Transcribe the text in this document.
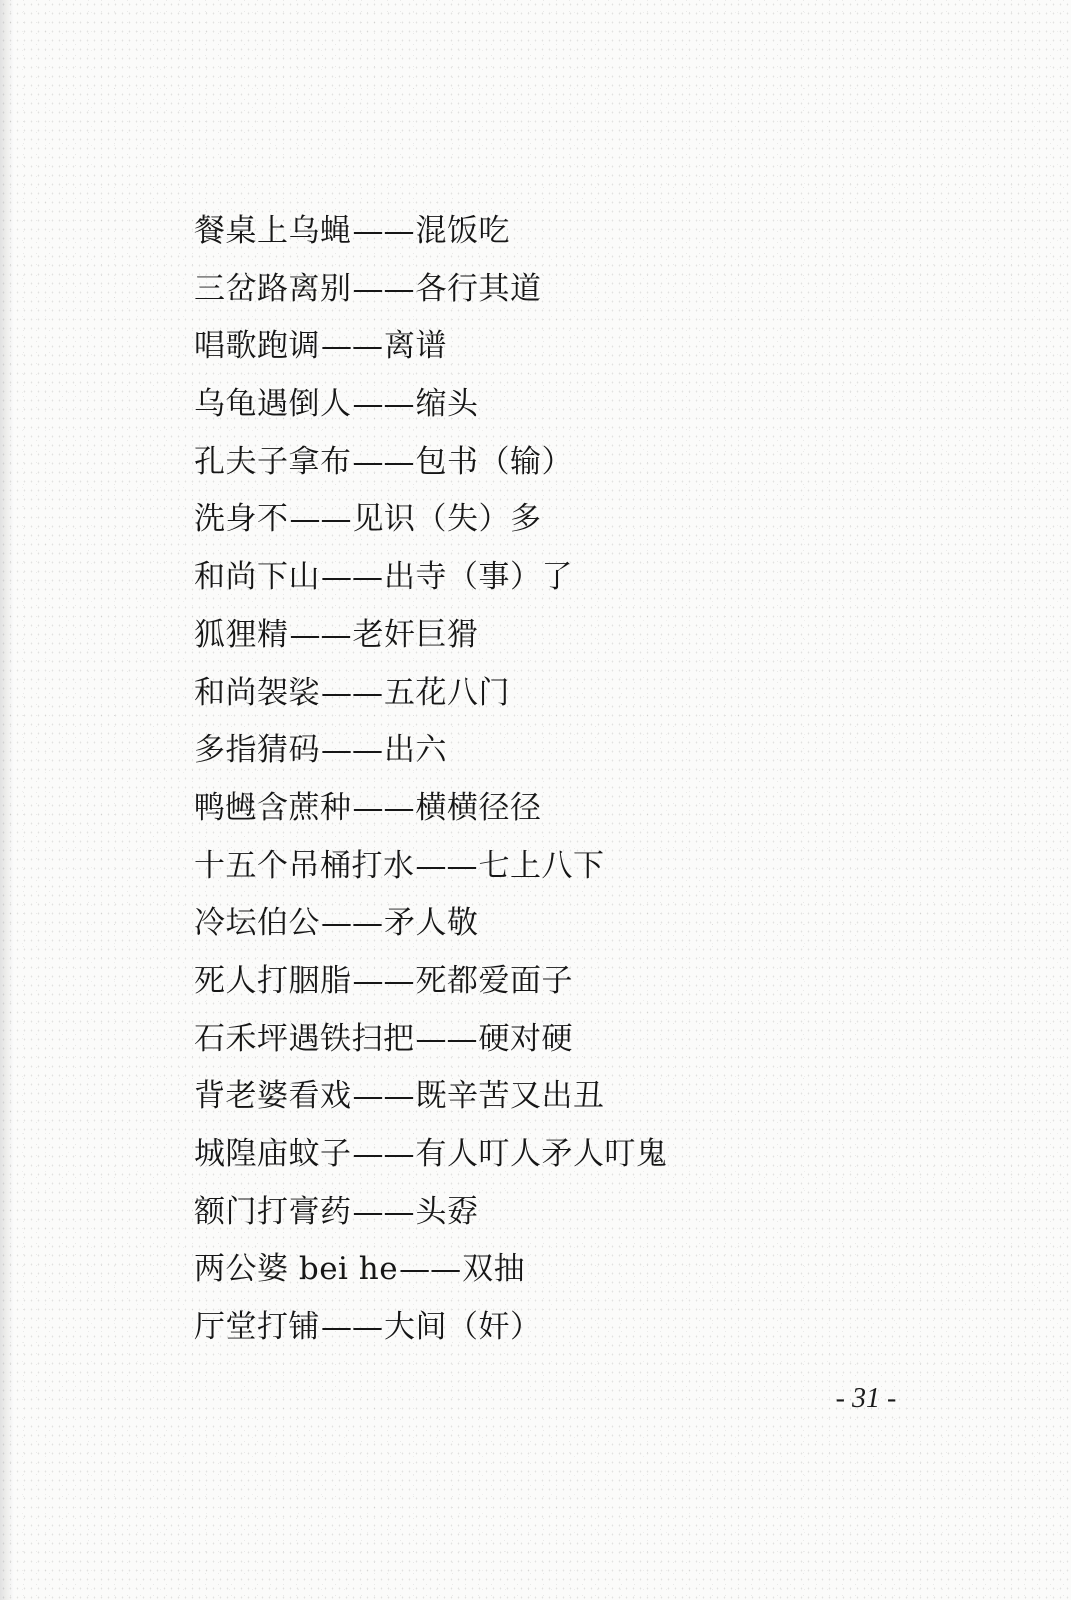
餐桌上乌蝇——混饭吃
三岔路离别——各行其道
唱歌跑调——离谱
乌龟遇倒人——缩头
孔夫子拿布——包书（输）
洗身不——见识（失）多
和尚下山——出寺（事）了
狐狸精——老奸巨猾
和尚袈裟——五花八门
多指猜码——出六
鸭乸含蔗种——横横径径
十五个吊桶打水——七上八下
冷坛伯公——矛人敬
死人打胭脂——死都爱面子
石禾坪遇铁扫把——硬对硬
背老婆看戏——既辛苦又出丑
城隍庙蚊子——有人叮人矛人叮鬼
额门打膏药——头孬
两公婆 bei he——双抽
厅堂打铺——大间（奸）
- 31 -
